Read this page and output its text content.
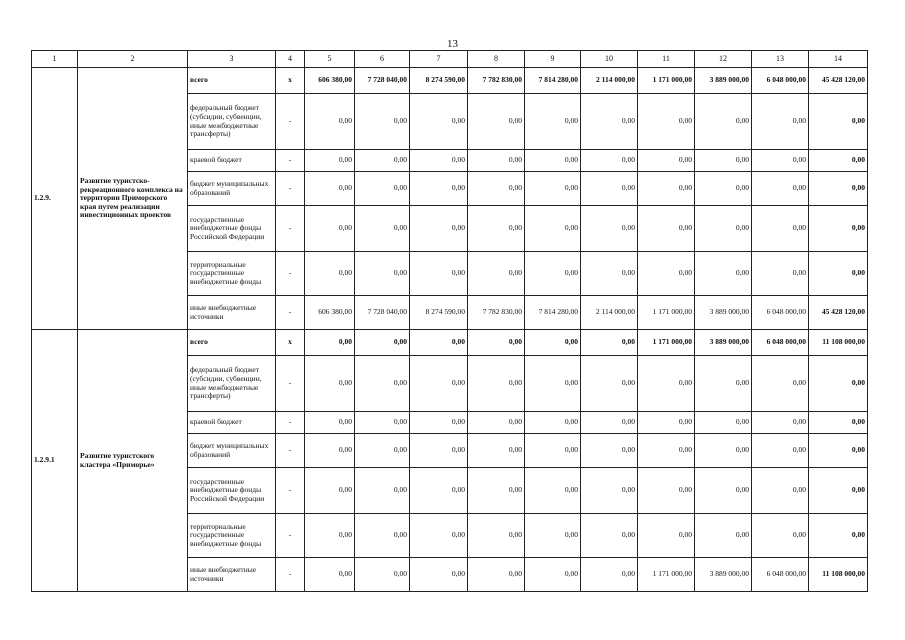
13
1	2	3	4	5	6	7	8	9	10	11	12	13	14
1.2.9.	Развитие туристско-рекреационного комплекса на территории Приморского края путем реализации инвестиционных проектов	всего	x	606 380,00	7 728 040,00	8 274 590,00	7 782 830,00	7 814 280,00	2 114 000,00	1 171 000,00	3 889 000,00	6 048 000,00	45 428 120,00
		федеральный бюджет (субсидии, субвенции, иные межбюджетные трансферты)	-	0,00	0,00	0,00	0,00	0,00	0,00	0,00	0,00	0,00	0,00
		краевой бюджет	-	0,00	0,00	0,00	0,00	0,00	0,00	0,00	0,00	0,00	0,00
		бюджет муниципальных образований	-	0,00	0,00	0,00	0,00	0,00	0,00	0,00	0,00	0,00	0,00
		государственные внебюджетные фонды Российской Федерации	-	0,00	0,00	0,00	0,00	0,00	0,00	0,00	0,00	0,00	0,00
		территориальные государственные внебюджетные фонды	-	0,00	0,00	0,00	0,00	0,00	0,00	0,00	0,00	0,00	0,00
		иные внебюджетные источники	-	606 380,00	7 728 040,00	8 274 590,00	7 782 830,00	7 814 280,00	2 114 000,00	1 171 000,00	3 889 000,00	6 048 000,00	45 428 120,00
1.2.9.1	Развитие туристского кластера «Приморье»	всего	x	0,00	0,00	0,00	0,00	0,00	0,00	1 171 000,00	3 889 000,00	6 048 000,00	11 108 000,00
		федеральный бюджет (субсидии, субвенции, иные межбюджетные трансферты)	-	0,00	0,00	0,00	0,00	0,00	0,00	0,00	0,00	0,00	0,00
		краевой бюджет	-	0,00	0,00	0,00	0,00	0,00	0,00	0,00	0,00	0,00	0,00
		бюджет муниципальных образований	-	0,00	0,00	0,00	0,00	0,00	0,00	0,00	0,00	0,00	0,00
		государственные внебюджетные фонды Российской Федерации	-	0,00	0,00	0,00	0,00	0,00	0,00	0,00	0,00	0,00	0,00
		территориальные государственные внебюджетные фонды	-	0,00	0,00	0,00	0,00	0,00	0,00	0,00	0,00	0,00	0,00
		иные внебюджетные источники	-	0,00	0,00	0,00	0,00	0,00	0,00	1 171 000,00	3 889 000,00	6 048 000,00	11 108 000,00
